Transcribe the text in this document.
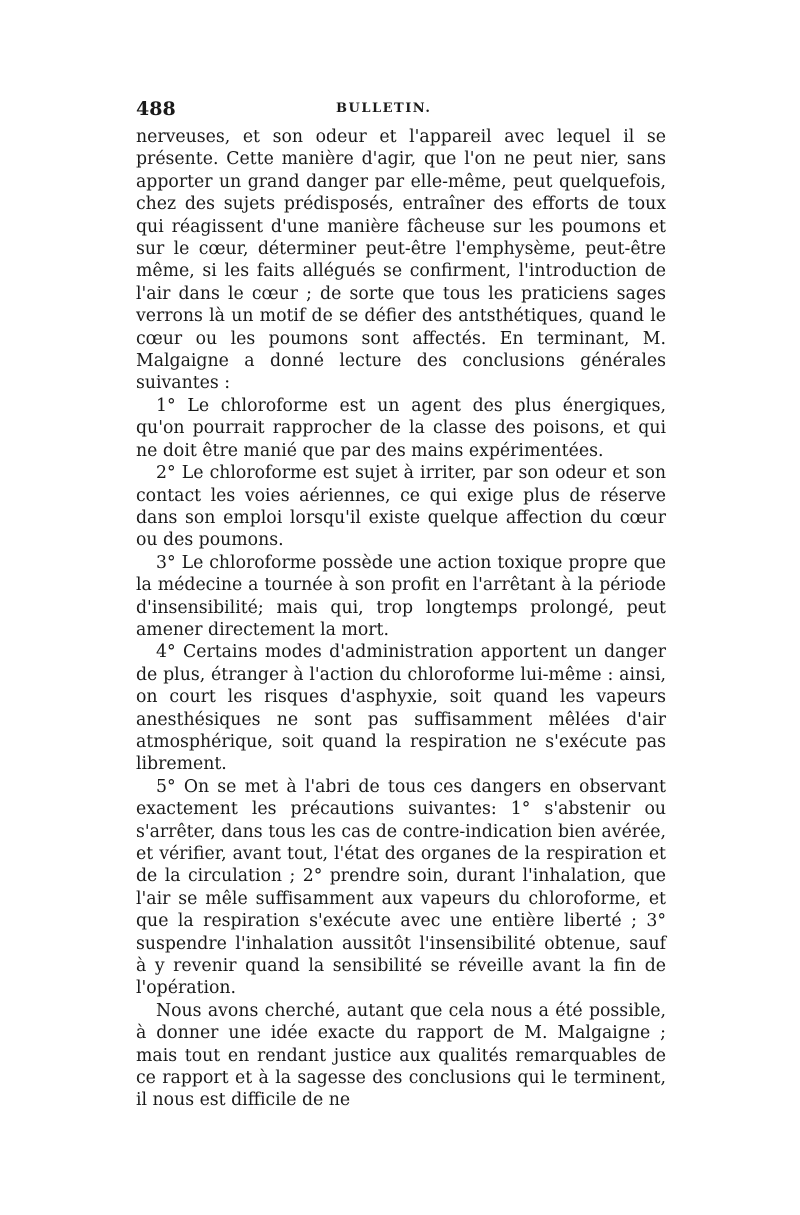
488	BULLETIN.

nerveuses, et son odeur et l'appareil avec lequel il se présente. Cette manière d'agir, que l'on ne peut nier, sans apporter un grand danger par elle-même, peut quelquefois, chez des sujets prédisposés, entraîner des efforts de toux qui réagissent d'une manière fâcheuse sur les poumons et sur le cœur, déterminer peut-être l'emphysème, peut-être même, si les faits allégués se confirment, l'introduction de l'air dans le cœur ; de sorte que tous les praticiens sages verrons là un motif de se défier des antsthétiques, quand le cœur ou les poumons sont affectés. En terminant, M. Malgaigne a donné lecture des conclusions générales suivantes :

1° Le chloroforme est un agent des plus énergiques, qu'on pourrait rapprocher de la classe des poisons, et qui ne doit être manié que par des mains expérimentées.

2° Le chloroforme est sujet à irriter, par son odeur et son contact les voies aériennes, ce qui exige plus de réserve dans son emploi lorsqu'il existe quelque affection du cœur ou des poumons.

3° Le chloroforme possède une action toxique propre que la médecine a tournée à son profit en l'arrêtant à la période d'insensibilité; mais qui, trop longtemps prolongé, peut amener directement la mort.

4° Certains modes d'administration apportent un danger de plus, étranger à l'action du chloroforme lui-même : ainsi, on court les risques d'asphyxie, soit quand les vapeurs anesthésiques ne sont pas suffisamment mêlées d'air atmosphérique, soit quand la respiration ne s'exécute pas librement.

5° On se met à l'abri de tous ces dangers en observant exactement les précautions suivantes: 1° s'abstenir ou s'arrêter, dans tous les cas de contre-indication bien avérée, et vérifier, avant tout, l'état des organes de la respiration et de la circulation ; 2° prendre soin, durant l'inhalation, que l'air se mêle suffisamment aux vapeurs du chloroforme, et que la respiration s'exécute avec une entière liberté ; 3° suspendre l'inhalation aussitôt l'insensibilité obtenue, sauf à y revenir quand la sensibilité se réveille avant la fin de l'opération.

Nous avons cherché, autant que cela nous a été possible, à donner une idée exacte du rapport de M. Malgaigne ; mais tout en rendant justice aux qualités remarquables de ce rapport et à la sagesse des conclusions qui le terminent, il nous est difficile de ne
